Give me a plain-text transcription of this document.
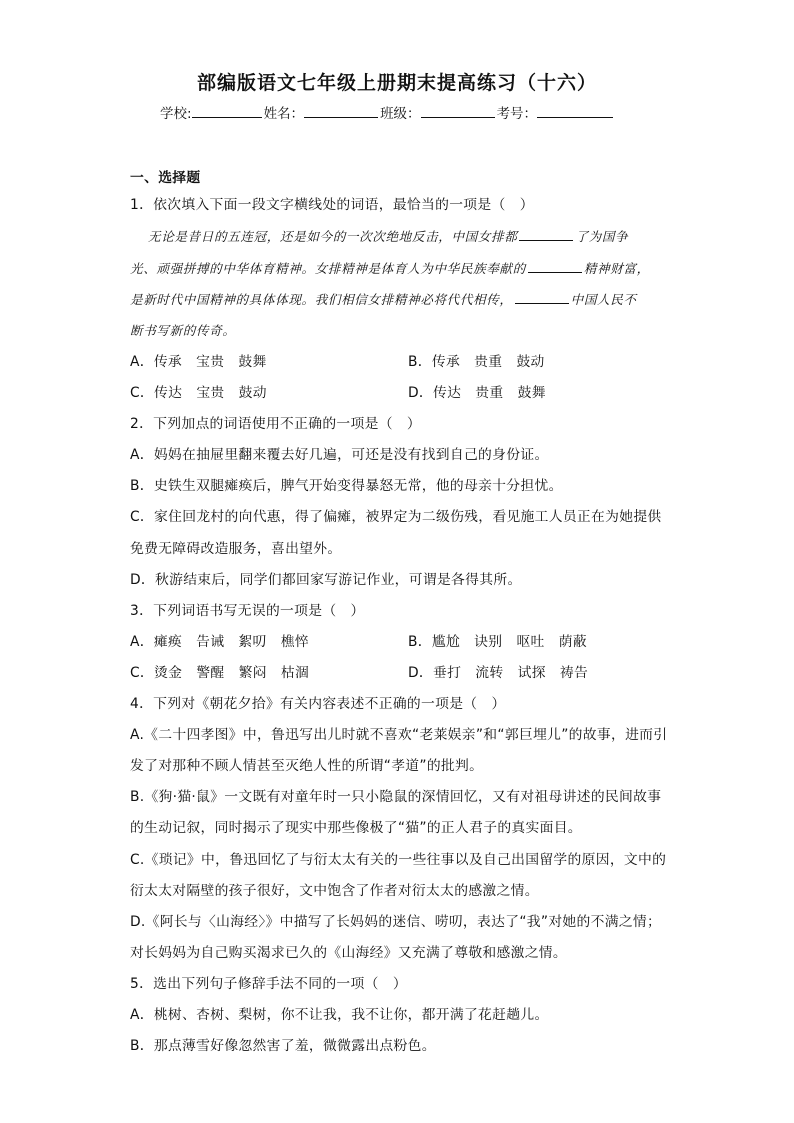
部编版语文七年级上册期末提高练习（十六）
学校:	姓名：	班级：	考号：
一、选择题
1．依次填入下面一段文字横线处的词语，最恰当的一项是（　）
无论是昔日的五连冠，还是如今的一次次绝地反击，中国女排都	了为国争
光、顽强拼搏的中华体育精神。女排精神是体育人为中华民族奉献的	精神财富，
是新时代中国精神的具体体现。我们相信女排精神必将代代相传，	中国人民不
断书写新的传奇。
A．传承　宝贵　鼓舞	B．传承　贵重　鼓动
C．传达　宝贵　鼓动	D．传达　贵重　鼓舞
2．下列加点的词语使用不正确的一项是（　）
A．妈妈在抽屉里翻来覆去好几遍，可还是没有找到自己的身份证。
B．史铁生双腿瘫痪后，脾气开始变得暴怒无常，他的母亲十分担忧。
C．家住回龙村的向代惠，得了偏瘫，被界定为二级伤残，看见施工人员正在为她提供
免费无障碍改造服务，喜出望外。
D．秋游结束后，同学们都回家写游记作业，可谓是各得其所。
3．下列词语书写无误的一项是（　）
A．瘫痪　告诫　絮叨　樵悴	B．尴尬　诀别　呕吐　荫蔽
C．烫金　警醒　繁闷　枯涸	D．垂打　流转　试探　祷告
4．下列对《朝花夕拾》有关内容表述不正确的一项是（　）
A.《二十四孝图》中，鲁迅写出儿时就不喜欢“老莱娱亲”和“郭巨埋儿”的故事，进而引
发了对那种不顾人情甚至灭绝人性的所谓“孝道”的批判。
B.《狗·猫·鼠》一文既有对童年时一只小隐鼠的深情回忆，又有对祖母讲述的民间故事
的生动记叙，同时揭示了现实中那些像极了“猫”的正人君子的真实面目。
C.《琐记》中，鲁迅回忆了与衍太太有关的一些往事以及自己出国留学的原因，文中的
衍太太对隔壁的孩子很好，文中饱含了作者对衍太太的感激之情。
D.《阿长与〈山海经〉》中描写了长妈妈的迷信、唠叨，表达了“我”对她的不满之情；
对长妈妈为自己购买渴求已久的《山海经》又充满了尊敬和感激之情。
5．选出下列句子修辞手法不同的一项（　）
A．桃树、杏树、梨树，你不让我，我不让你，都开满了花赶趟儿。
B．那点薄雪好像忽然害了羞，微微露出点粉色。
